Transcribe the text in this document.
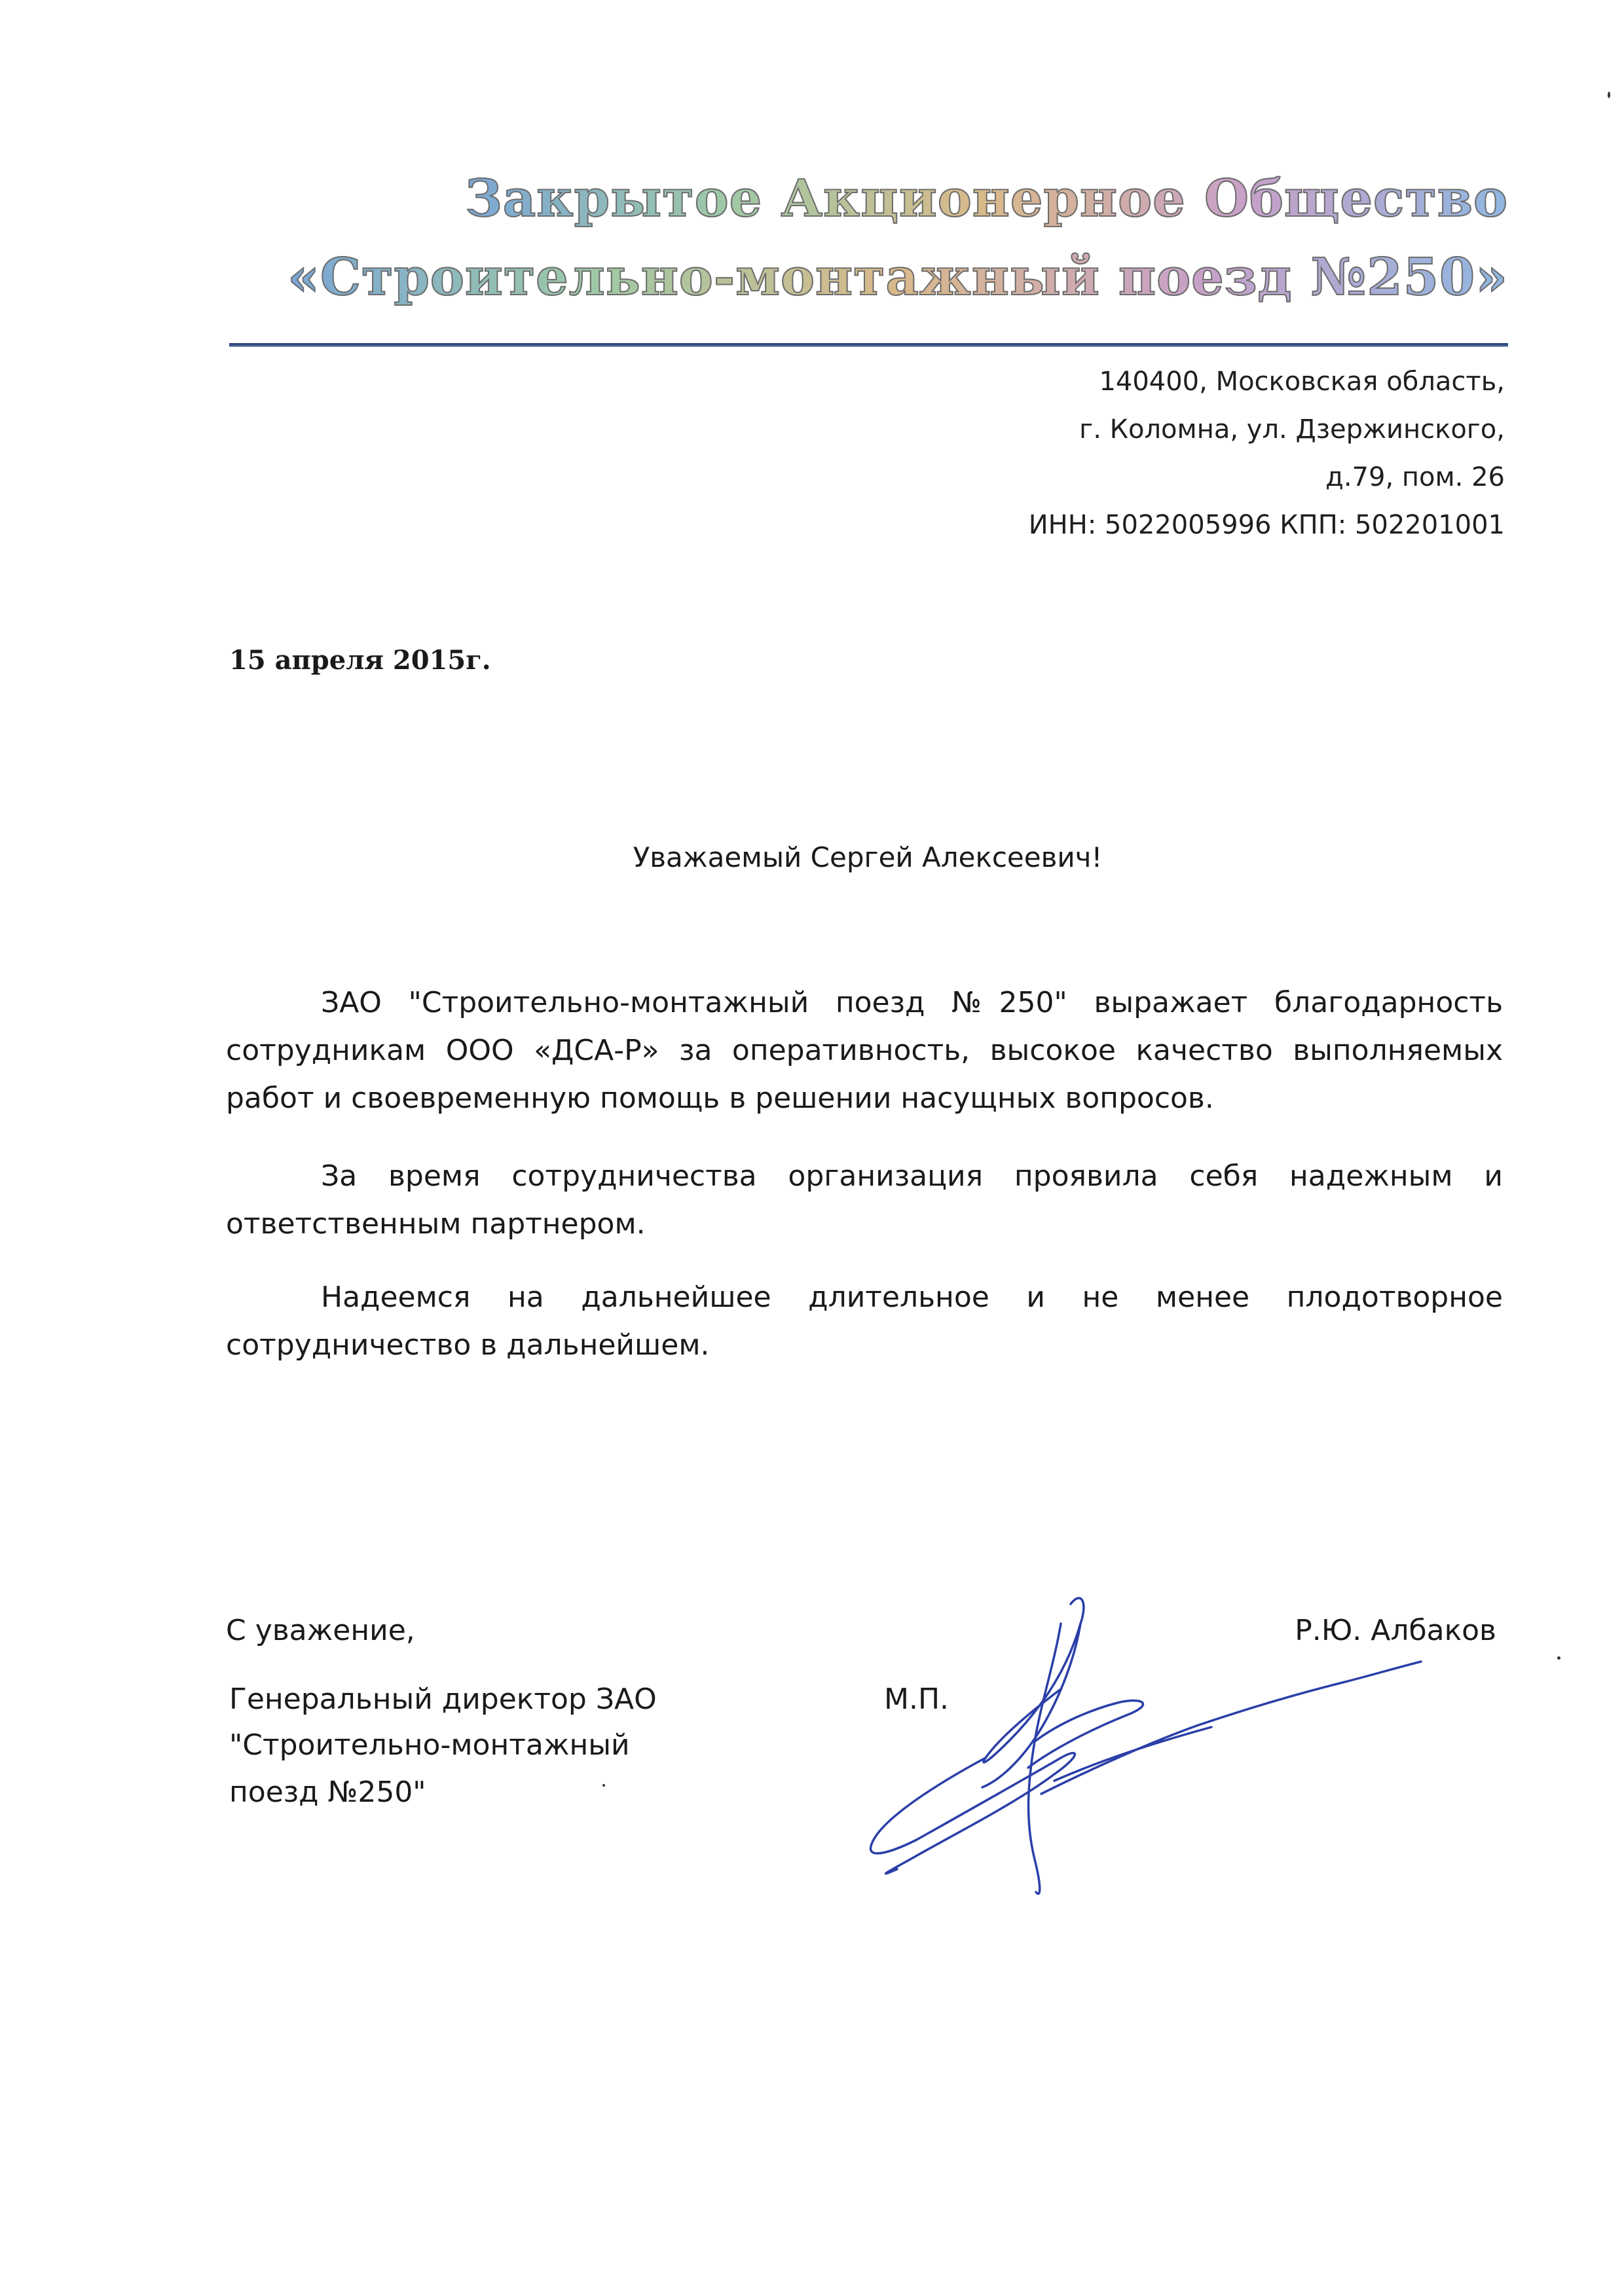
Закрытое Акционерное Общество
«Строительно-монтажный поезд №250»
140400, Московская область,
г. Коломна, ул. Дзержинского,
д.79, пом. 26
ИНН: 5022005996 КПП: 502201001
15 апреля 2015г.
Уважаемый Сергей Алексеевич!

ЗАО "Строительно-монтажный поезд №250" выражает благодарность сотрудникам ООО «ДСА-Р» за оперативность, высокое качество выполняемых работ и своевременную помощь в решении насущных вопросов.

За время сотрудничества организация проявила себя надежным и ответственным партнером.

Надеемся на дальнейшее длительное и не менее плодотворное сотрудничество в дальнейшем.

С уважение,
Генеральный директор ЗАО
"Строительно-монтажный
поезд №250"
М.П.
Р.Ю. Албаков
